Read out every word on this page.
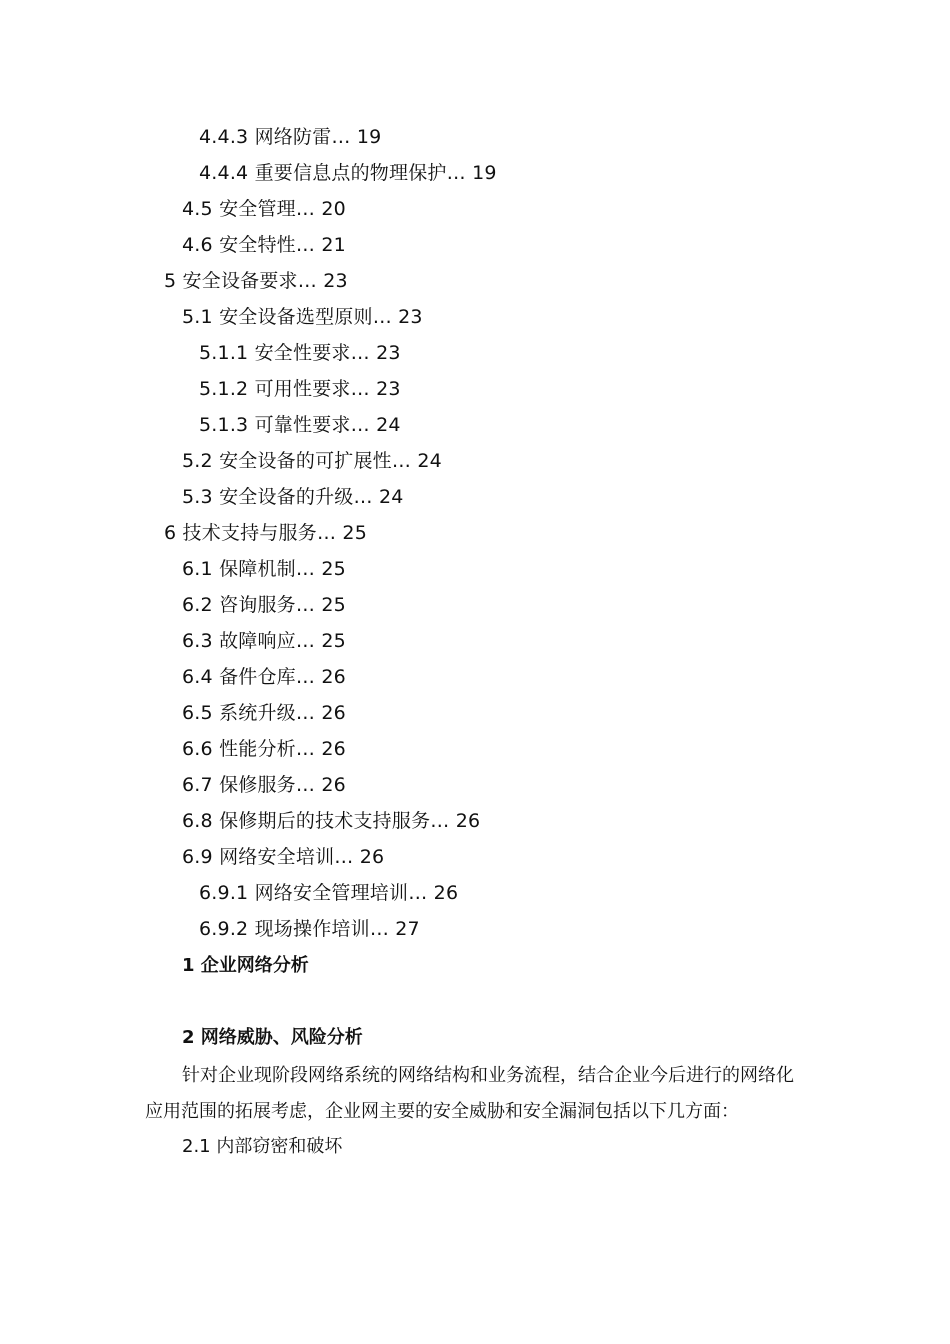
4.4.3 网络防雷… 19
4.4.4 重要信息点的物理保护… 19
4.5 安全管理… 20
4.6 安全特性… 21
5 安全设备要求… 23
5.1 安全设备选型原则… 23
5.1.1 安全性要求… 23
5.1.2 可用性要求… 23
5.1.3 可靠性要求… 24
5.2 安全设备的可扩展性… 24
5.3 安全设备的升级… 24
6 技术支持与服务… 25
6.1 保障机制… 25
6.2 咨询服务… 25
6.3 故障响应… 25
6.4 备件仓库… 26
6.5 系统升级… 26
6.6 性能分析… 26
6.7 保修服务… 26
6.8 保修期后的技术支持服务… 26
6.9 网络安全培训… 26
6.9.1 网络安全管理培训… 26
6.9.2 现场操作培训… 27
1 企业网络分析
2 网络威胁、风险分析
针对企业现阶段网络系统的网络结构和业务流程，结合企业今后进行的网络化应用范围的拓展考虑，企业网主要的安全威胁和安全漏洞包括以下几方面：
2.1 内部窃密和破坏
